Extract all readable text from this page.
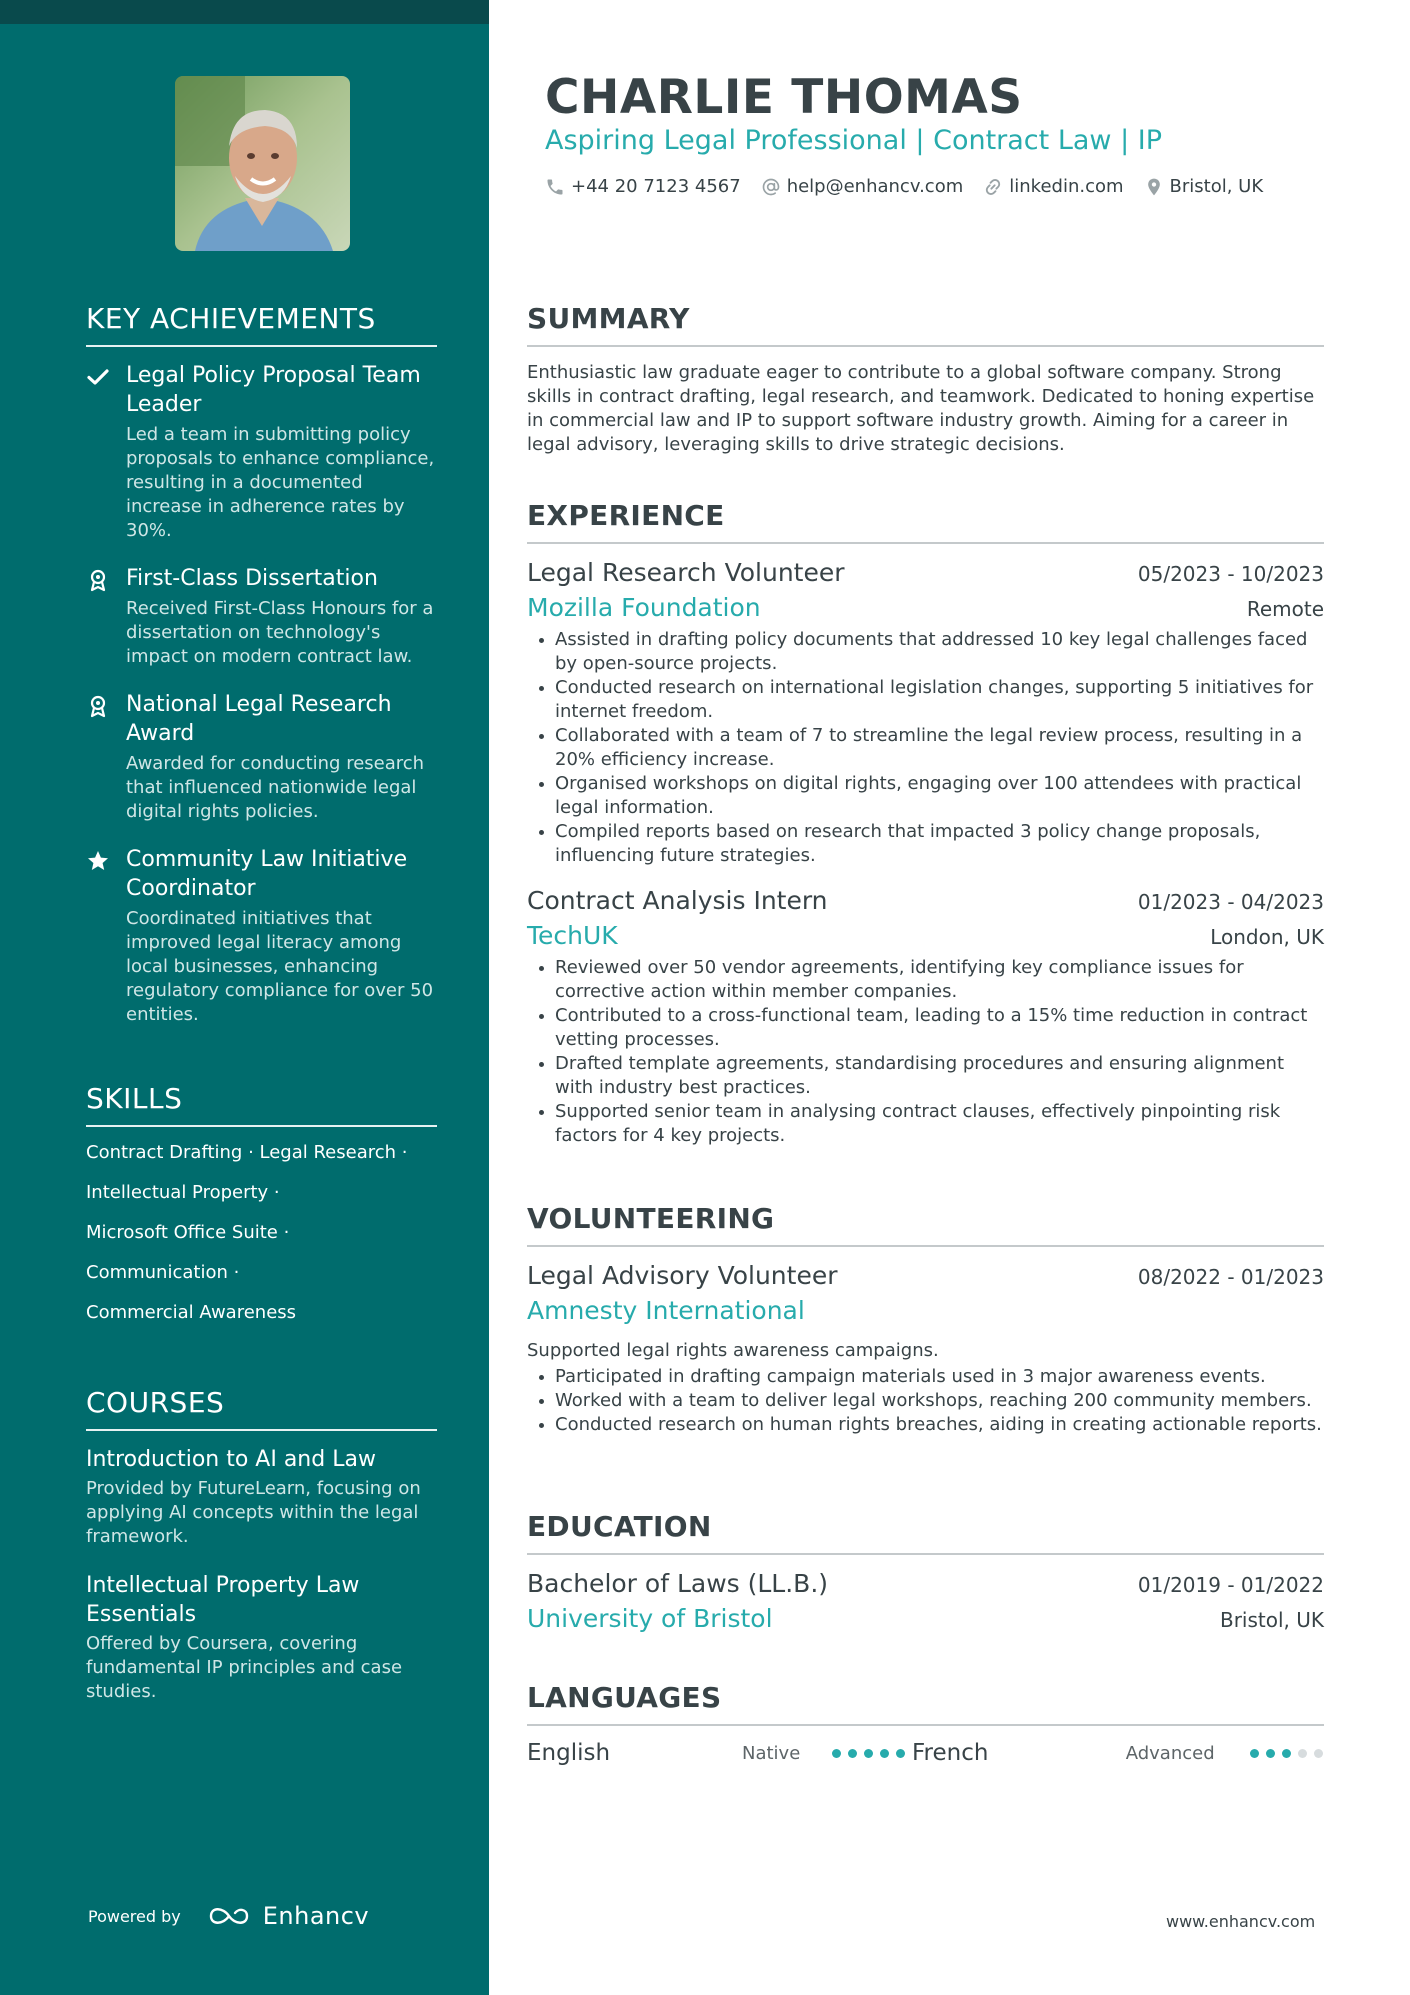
KEY ACHIEVEMENTS
Legal Policy Proposal Team Leader
Led a team in submitting policy proposals to enhance compliance, resulting in a documented increase in adherence rates by 30%.
First-Class Dissertation
Received First-Class Honours for a dissertation on technology's impact on modern contract law.
National Legal Research Award
Awarded for conducting research that influenced nationwide legal digital rights policies.
Community Law Initiative Coordinator
Coordinated initiatives that improved legal literacy among local businesses, enhancing regulatory compliance for over 50 entities.
SKILLS
Contract Drafting · Legal Research ·
Intellectual Property ·
Microsoft Office Suite ·
Communication ·
Commercial Awareness
COURSES
Introduction to AI and Law
Provided by FutureLearn, focusing on applying AI concepts within the legal framework.
Intellectual Property Law Essentials
Offered by Coursera, covering fundamental IP principles and case studies.
Powered by	Enhancv
CHARLIE THOMAS
Aspiring Legal Professional | Contract Law | IP
+44 20 7123 4567	help@enhancv.com	linkedin.com	Bristol, UK
SUMMARY

Enthusiastic law graduate eager to contribute to a global software company. Strong skills in contract drafting, legal research, and teamwork. Dedicated to honing expertise in commercial law and IP to support software industry growth. Aiming for a career in legal advisory, leveraging skills to drive strategic decisions.

EXPERIENCE
Legal Research Volunteer	05/2023 - 10/2023
Mozilla Foundation	Remote
Assisted in drafting policy documents that addressed 10 key legal challenges faced by open-source projects.
Conducted research on international legislation changes, supporting 5 initiatives for internet freedom.
Collaborated with a team of 7 to streamline the legal review process, resulting in a 20% efficiency increase.
Organised workshops on digital rights, engaging over 100 attendees with practical legal information.
Compiled reports based on research that impacted 3 policy change proposals, influencing future strategies.
Contract Analysis Intern	01/2023 - 04/2023
TechUK	London, UK
Reviewed over 50 vendor agreements, identifying key compliance issues for corrective action within member companies.
Contributed to a cross-functional team, leading to a 15% time reduction in contract vetting processes.
Drafted template agreements, standardising procedures and ensuring alignment with industry best practices.
Supported senior team in analysing contract clauses, effectively pinpointing risk factors for 4 key projects.
VOLUNTEERING
Legal Advisory Volunteer	08/2022 - 01/2023
Amnesty International

Supported legal rights awareness campaigns.

Participated in drafting campaign materials used in 3 major awareness events.
Worked with a team to deliver legal workshops, reaching 200 community members.
Conducted research on human rights breaches, aiding in creating actionable reports.
EDUCATION
Bachelor of Laws (LL.B.)	01/2019 - 01/2022
University of Bristol	Bristol, UK
LANGUAGES
English	Native	French	Advanced
www.enhancv.com
